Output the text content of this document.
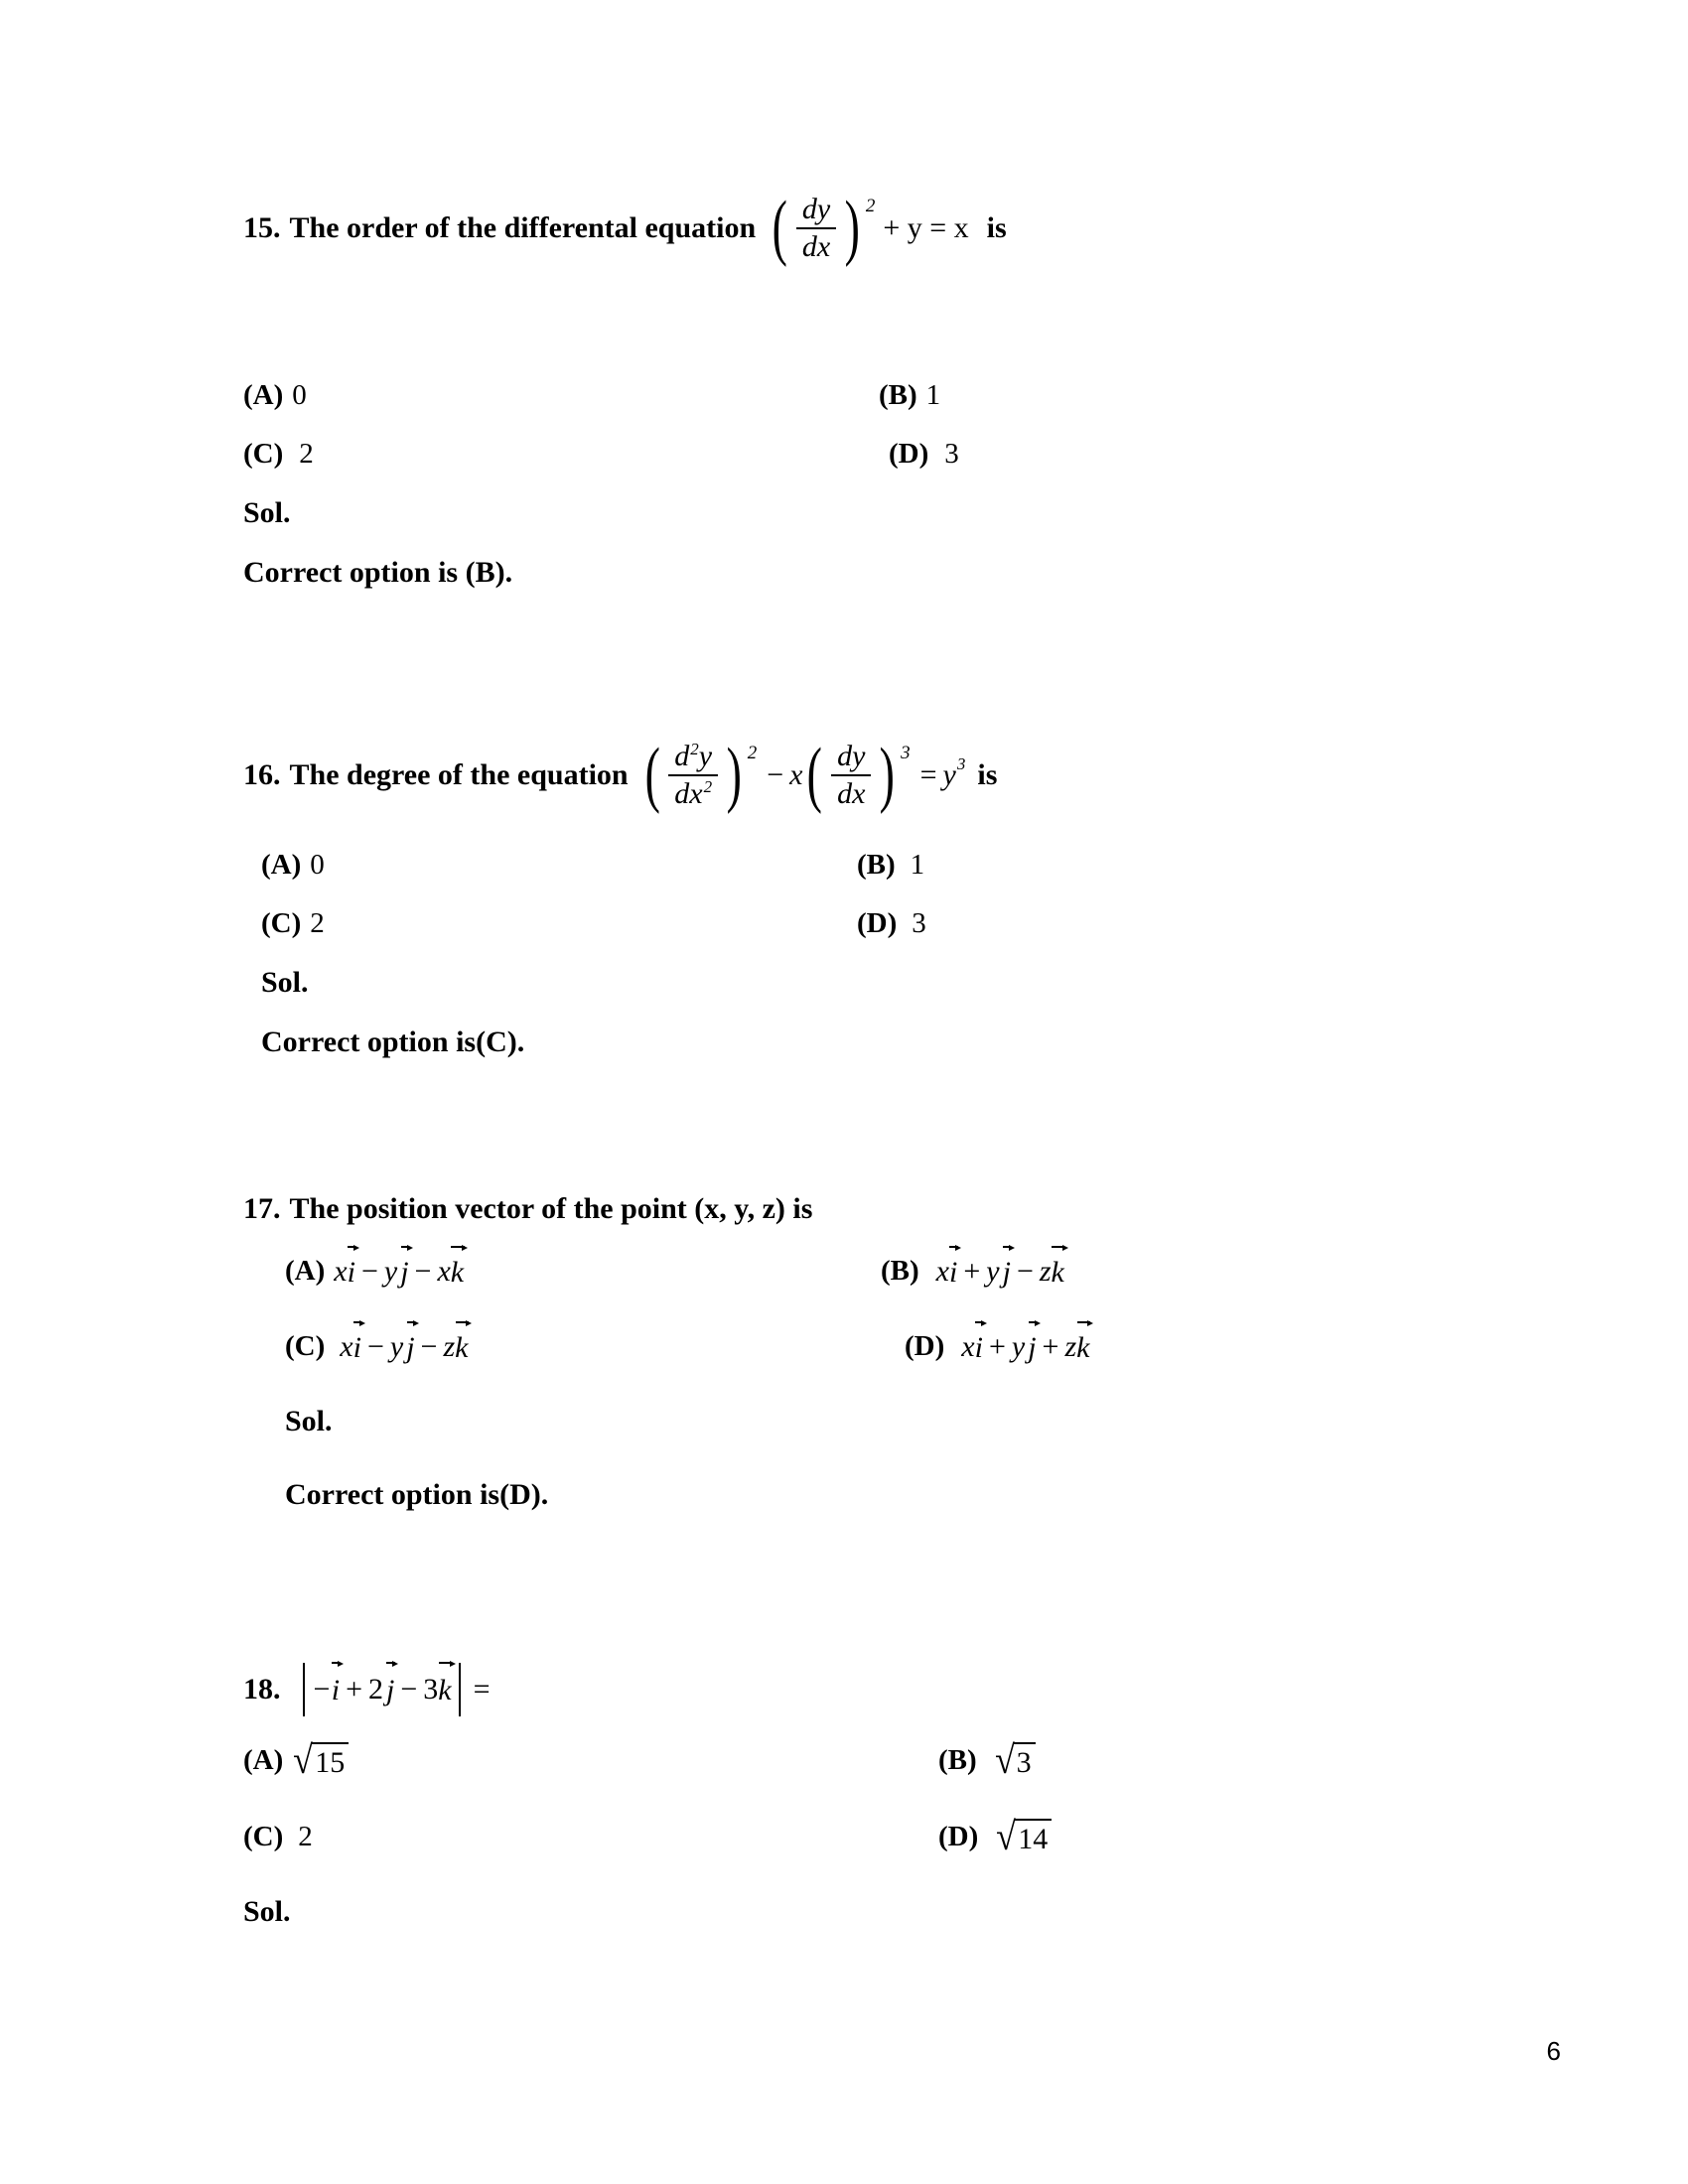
15. The order of the differental equation ( $\frac{dy}{dx}$ ) 2
+ y = x is
(A) 0	(B) 1
(C) 2	(D) 3
Sol.
Correct option is (B).
16. The degree of the equation ( $\frac{d^2y}{dx^2}$ ) 2
− x ( $\frac{dy}{dx}$ ) 3
= y 3 is
(A) 0	(B) 1
(C) 2	(D) 3
Sol.
Correct option is(C).
17. The position vector of the point (x, y, z) is
(A) x i − y j − x k	(B) x i + y j − z k
(C) x i − y j − z k	(D) x i + y j + z k
Sol.
Correct option is(D).
18. − i + 2 j − 3 k =
(A) √ 15	(B) √ 3
(C) 2	(D) √ 14
Sol.
6
